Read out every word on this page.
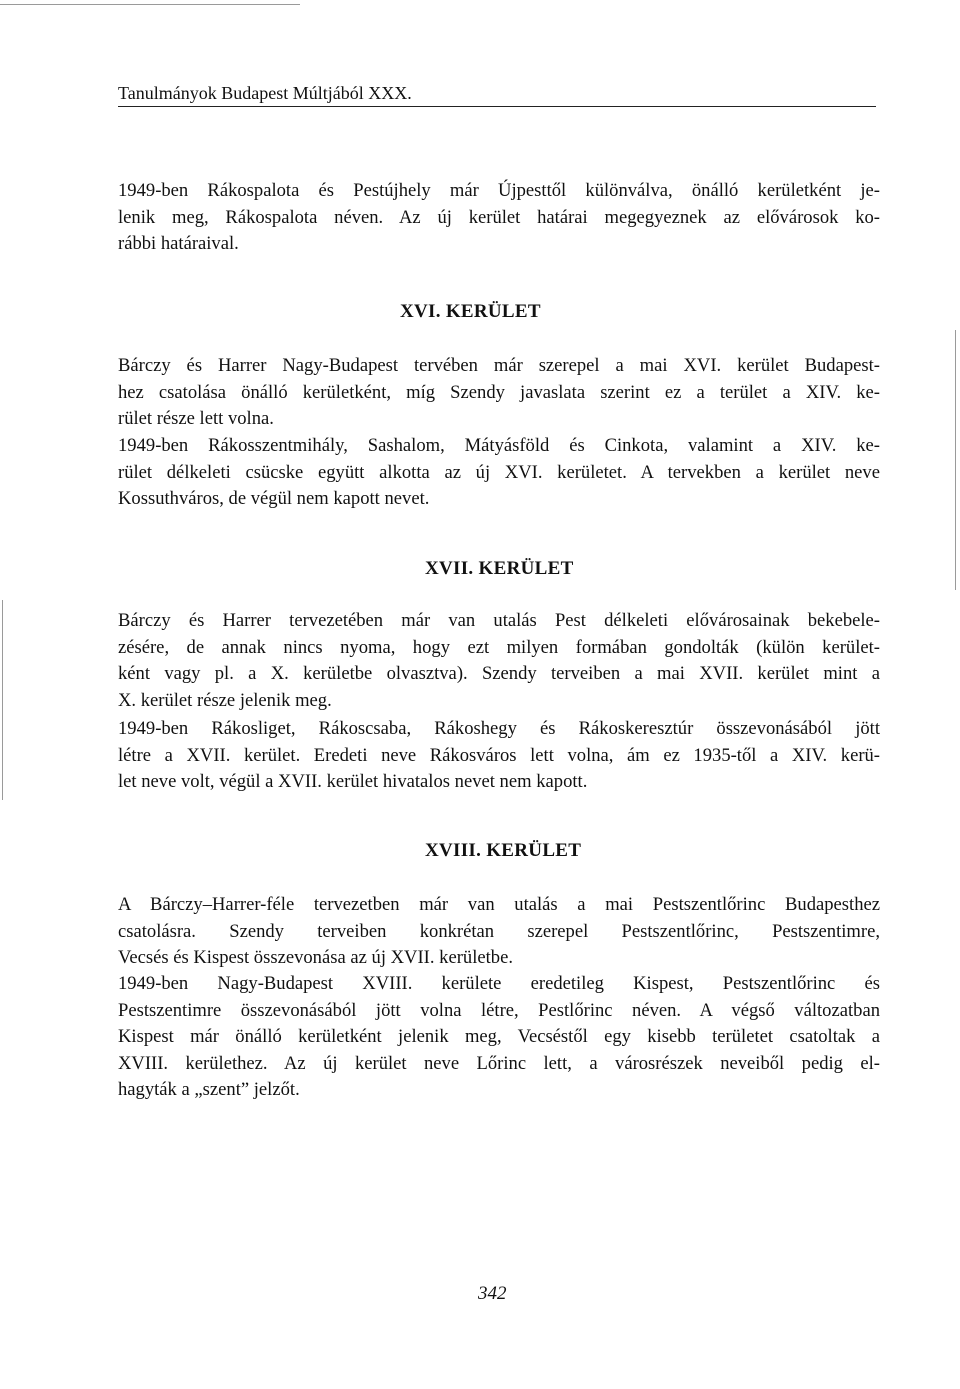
Tanulmányok Budapest Múltjából XXX.
1949-ben Rákospalota és Pestújhely már Újpesttől különválva, önálló kerületként je-
lenik meg, Rákospalota néven. Az új kerület határai megegyeznek az elővárosok ko-
rábbi határaival.
XVI. KERÜLET
Bárczy és Harrer Nagy-Budapest tervében már szerepel a mai XVI. kerület Budapest-
hez csatolása önálló kerületként, míg Szendy javaslata szerint ez a terület a XIV. ke-
rület része lett volna.
1949-ben Rákosszentmihály, Sashalom, Mátyásföld és Cinkota, valamint a XIV. ke-
rület délkeleti csücske együtt alkotta az új XVI. kerületet. A tervekben a kerület neve
Kossuthváros, de végül nem kapott nevet.
XVII. KERÜLET
Bárczy és Harrer tervezetében már van utalás Pest délkeleti elővárosainak bekebele-
zésére, de annak nincs nyoma, hogy ezt milyen formában gondolták (külön kerület-
ként vagy pl. a X. kerületbe olvasztva). Szendy terveiben a mai XVII. kerület mint a
X. kerület része jelenik meg.
1949-ben Rákosliget, Rákoscsaba, Rákoshegy és Rákoskeresztúr összevonásából jött
létre a XVII. kerület. Eredeti neve Rákosváros lett volna, ám ez 1935-től a XIV. kerü-
let neve volt, végül a XVII. kerület hivatalos nevet nem kapott.
XVIII. KERÜLET
A Bárczy–Harrer-féle tervezetben már van utalás a mai Pestszentlőrinc Budapesthez
csatolásra. Szendy terveiben konkrétan szerepel Pestszentlőrinc, Pestszentimre,
Vecsés és Kispest összevonása az új XVII. kerületbe.
1949-ben Nagy-Budapest XVIII. kerülete eredetileg Kispest, Pestszentlőrinc és
Pestszentimre összevonásából jött volna létre, Pestlőrinc néven. A végső változatban
Kispest már önálló kerületként jelenik meg, Vecséstől egy kisebb területet csatoltak a
XVIII. kerülethez. Az új kerület neve Lőrinc lett, a városrészek neveiből pedig el-
hagyták a „szent” jelzőt.
342
